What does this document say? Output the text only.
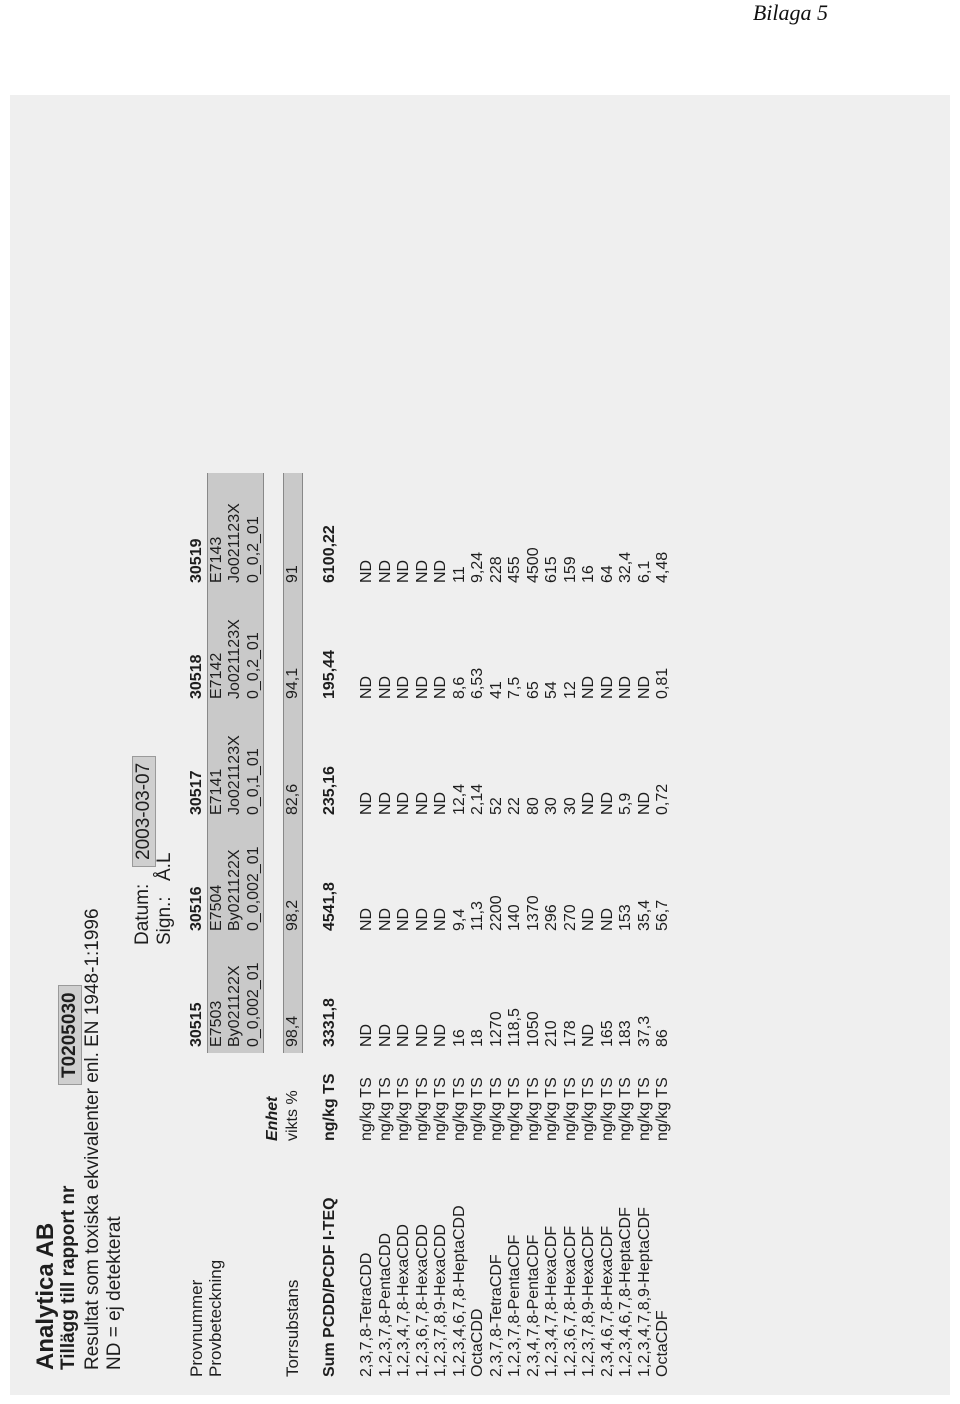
Bilaga 5
Analytica AB Tillägg till rapport nr
T0205030 Resultat som toxiska ekvivalenter enl. EN 1948-1:1996 ND = ej detekterat
Datum:
2003-03-07
Sign.:
Å.L
Provnummer		30515	30516	30517	30518	30519
Provbeteckning		E7503	E7504	E7141	E7142	E7143
		By021122X	By021122X	Jo021123X	Jo021123X	Jo021123X
		0_0,002_01	0_0,002_01	0_0,1_01	0_0,2_01	0_0,2_01
	Enhet					
Torrsubstans	vikts %	98,4	98,2	82,6	94,1	91

Sum PCDD/PCDF I-TEQ	ng/kg TS	3331,8	4541,8	235,16	195,44	6100,22

2,3,7,8-TetraCDD	ng/kg TS	ND	ND	ND	ND	ND
1,2,3,7,8-PentaCDD	ng/kg TS	ND	ND	ND	ND	ND
1,2,3,4,7,8-HexaCDD	ng/kg TS	ND	ND	ND	ND	ND
1,2,3,6,7,8-HexaCDD	ng/kg TS	ND	ND	ND	ND	ND
1,2,3,7,8,9-HexaCDD	ng/kg TS	ND	ND	ND	ND	ND
1,2,3,4,6,7,8-HeptaCDD	ng/kg TS	16	9,4	12,4	8,6	11
OctaCDD	ng/kg TS	18	11,3	2,14	6,53	9,24
2,3,7,8-TetraCDF	ng/kg TS	1270	2200	52	41	228
1,2,3,7,8-PentaCDF	ng/kg TS	118,5	140	22	7,5	455
2,3,4,7,8-PentaCDF	ng/kg TS	1050	1370	80	65	4500
1,2,3,4,7,8-HexaCDF	ng/kg TS	210	296	30	54	615
1,2,3,6,7,8-HexaCDF	ng/kg TS	178	270	30	12	159
1,2,3,7,8,9-HexaCDF	ng/kg TS	ND	ND	ND	ND	16
2,3,4,6,7,8-HexaCDF	ng/kg TS	165	ND	ND	ND	64
1,2,3,4,6,7,8-HeptaCDF	ng/kg TS	183	153	5,9	ND	32,4
1,2,3,4,7,8,9-HeptaCDF	ng/kg TS	37,3	35,4	ND	ND	6,1
OctaCDF	ng/kg TS	86	56,7	0,72	0,81	4,48
